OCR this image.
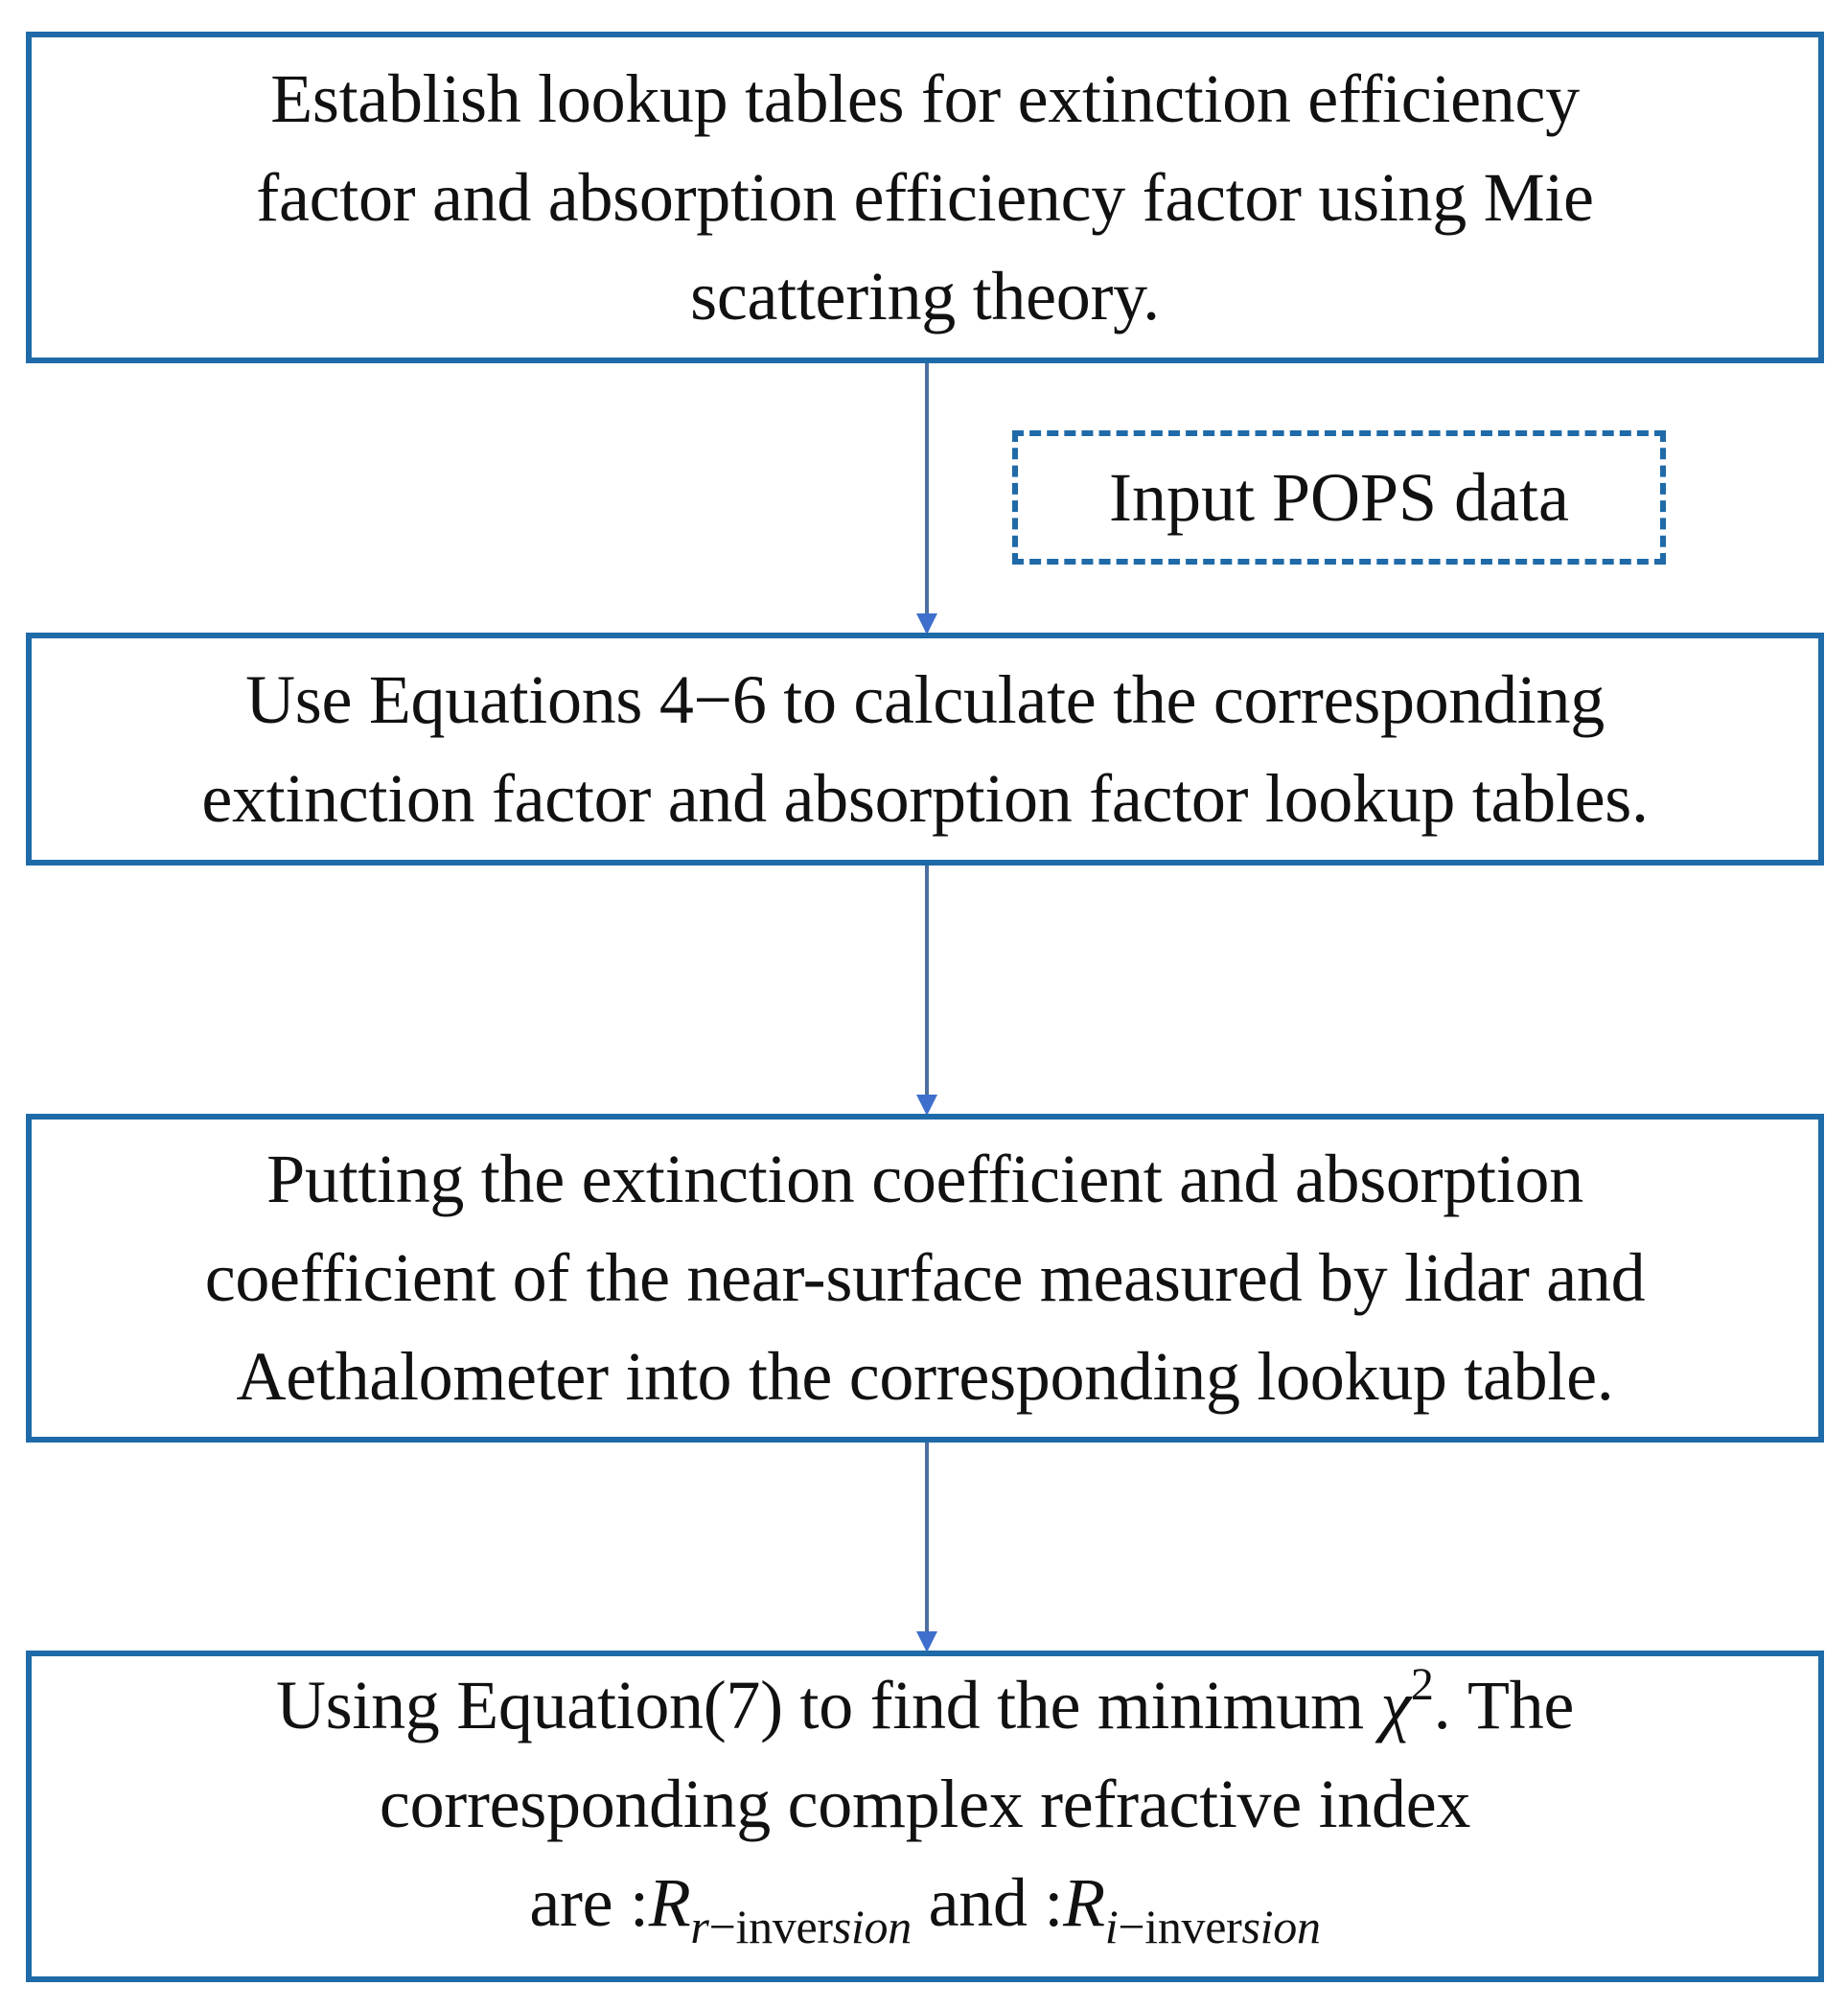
Establish lookup tables for extinction efficiency
factor and absorption efficiency factor using Mie
scattering theory.
Input POPS data
Use Equations 4−6 to calculate the corresponding
extinction factor and absorption factor lookup tables.
Putting the extinction coefficient and absorption
coefficient of the near-surface measured by lidar and
Aethalometer into the corresponding lookup table.
Using Equation(7) to find the minimum $\chi^2$. The
corresponding complex refractive index
are $:R_{r-inversion}$ and $:R_{i-inversion}$
